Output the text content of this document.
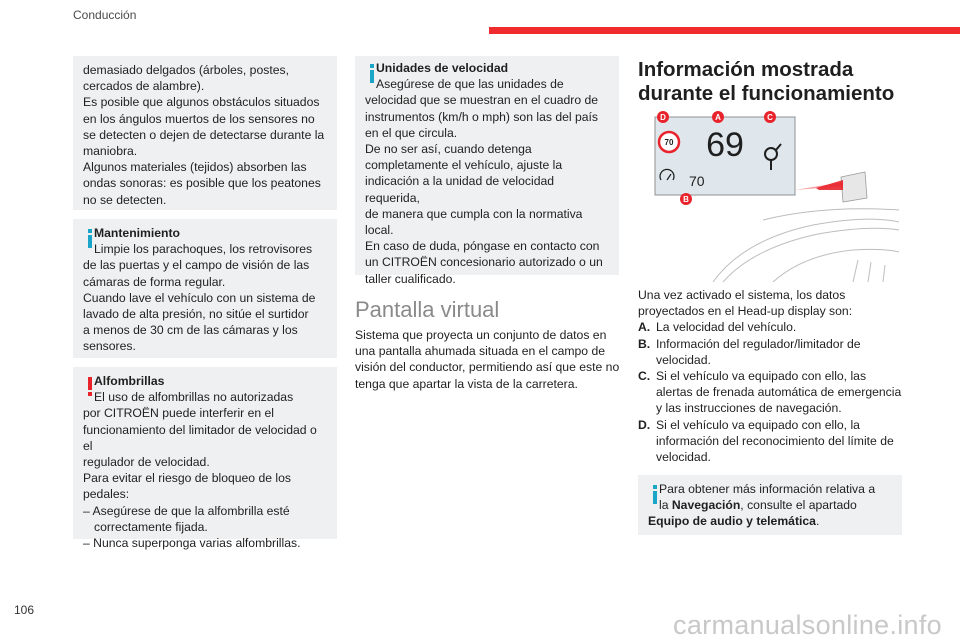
Conducción

demasiado delgados (árboles, postes,

cercados de alambre).

Es posible que algunos obstáculos situados

en los ángulos muertos de los sensores no

se detecten o dejen de detectarse durante la

maniobra.

Algunos materiales (tejidos) absorben las

ondas sonoras: es posible que los peatones

no se detecten.

Mantenimiento

Limpie los parachoques, los retrovisores

de las puertas y el campo de visión de las

cámaras de forma regular.

Cuando lave el vehículo con un sistema de

lavado de alta presión, no sitúe el surtidor

a menos de 30 cm de las cámaras y los

sensores.

Alfombrillas

El uso de alfombrillas no autorizadas

por CITROËN puede interferir en el

funcionamiento del limitador de velocidad o el

regulador de velocidad.

Para evitar el riesgo de bloqueo de los

pedales:

– Asegúrese de que la alfombrilla esté

correctamente fijada.

– Nunca superponga varias alfombrillas.

Unidades de velocidad

Asegúrese de que las unidades de

velocidad que se muestran en el cuadro de

instrumentos (km/h o mph) son las del país

en el que circula.

De no ser así, cuando detenga

completamente el vehículo, ajuste la

indicación a la unidad de velocidad requerida,

de manera que cumpla con la normativa

local.

En caso de duda, póngase en contacto con

un CITROËN concesionario autorizado o un

taller cualificado.

Pantalla virtual

Sistema que proyecta un conjunto de datos en

una pantalla ahumada situada en el campo de

visión del conductor, permitiendo así que este no

tenga que apartar la vista de la carretera.

Información mostrada
durante el funcionamiento
70 69
70
D	A	C
B

Una vez activado el sistema, los datos

proyectados en el Head-up display son:

A. La velocidad del vehículo.

B. Información del regulador/limitador de

velocidad.

C. Si el vehículo va equipado con ello, las

alertas de frenada automática de emergencia

y las instrucciones de navegación.

D. Si el vehículo va equipado con ello, la

información del reconocimiento del límite de

velocidad.

Para obtener más información relativa a

la Navegación, consulte el apartado

Equipo de audio y telemática.

106	carmanualsonline.info
